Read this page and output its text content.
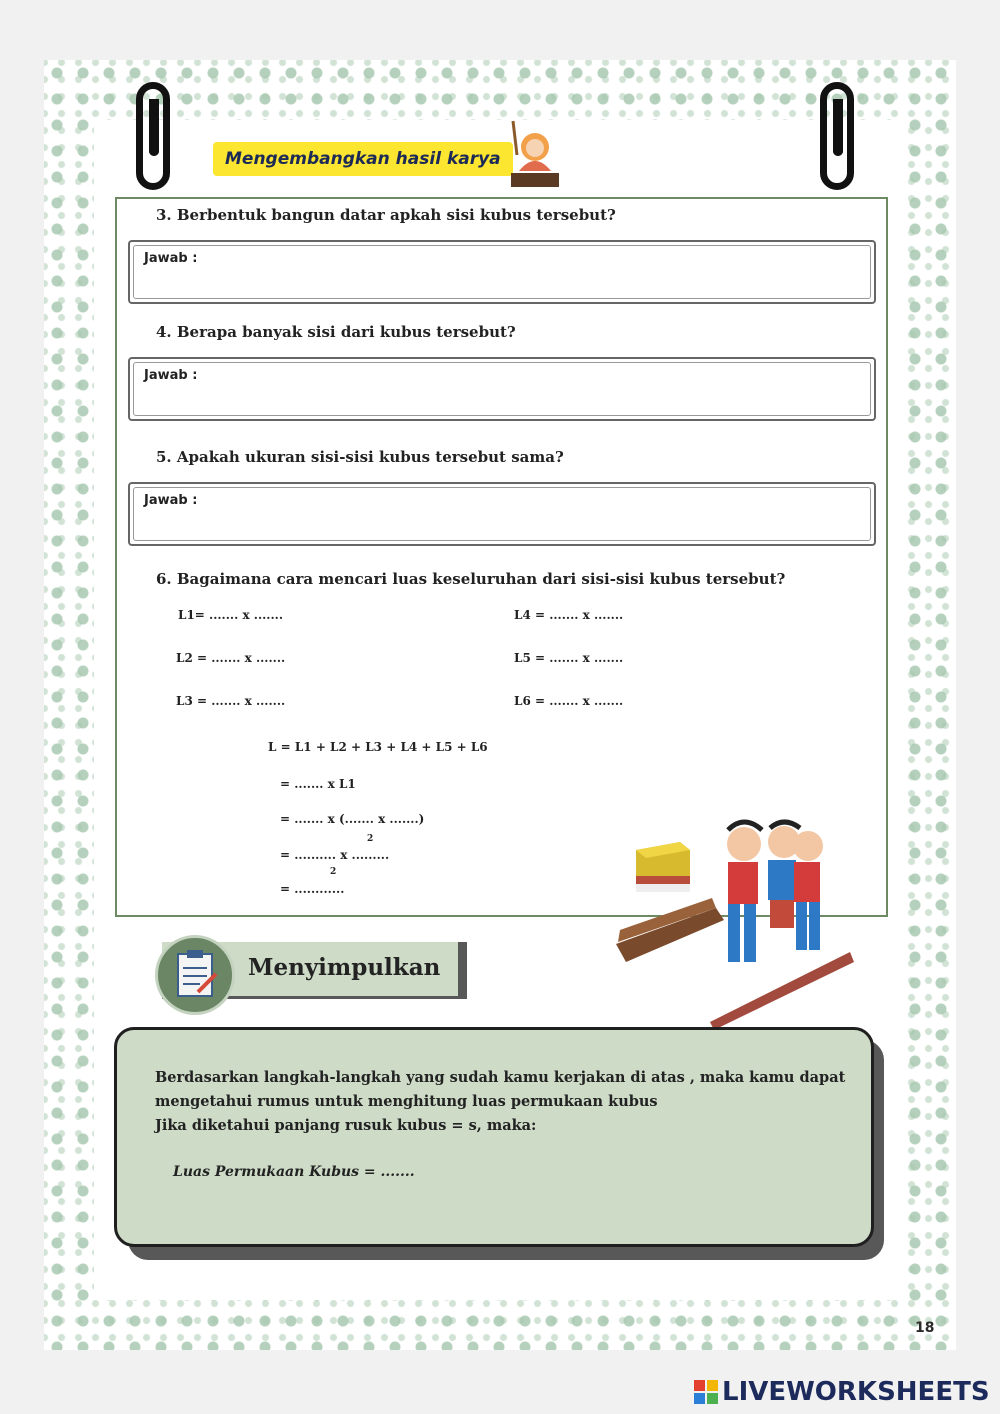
Mengembangkan hasil karya
3. Berbentuk bangun datar apkah sisi kubus tersebut?
Jawab :
4. Berapa banyak sisi dari kubus tersebut?
Jawab :
5. Apakah ukuran sisi-sisi kubus tersebut sama?
Jawab :
6. Bagaimana cara mencari luas keseluruhan dari sisi-sisi kubus tersebut?
L1= ....... x .......
L2 = ....... x .......
L3 = ....... x .......
L4 = ....... x .......
L5 = ....... x .......
L6 = ....... x .......
L = L1 + L2 + L3 + L4 + L5 + L6
= ....... x L1
= ....... x (....... x .......)
2
= .......... x .........
2
= ............
Menyimpulkan
Berdasarkan langkah-langkah yang sudah kamu kerjakan di atas , maka kamu dapat
mengetahui rumus untuk menghitung luas permukaan kubus
Jika diketahui panjang rusuk kubus = s, maka:
Luas Permukaan Kubus = .......
18
LIVEWORKSHEETS
